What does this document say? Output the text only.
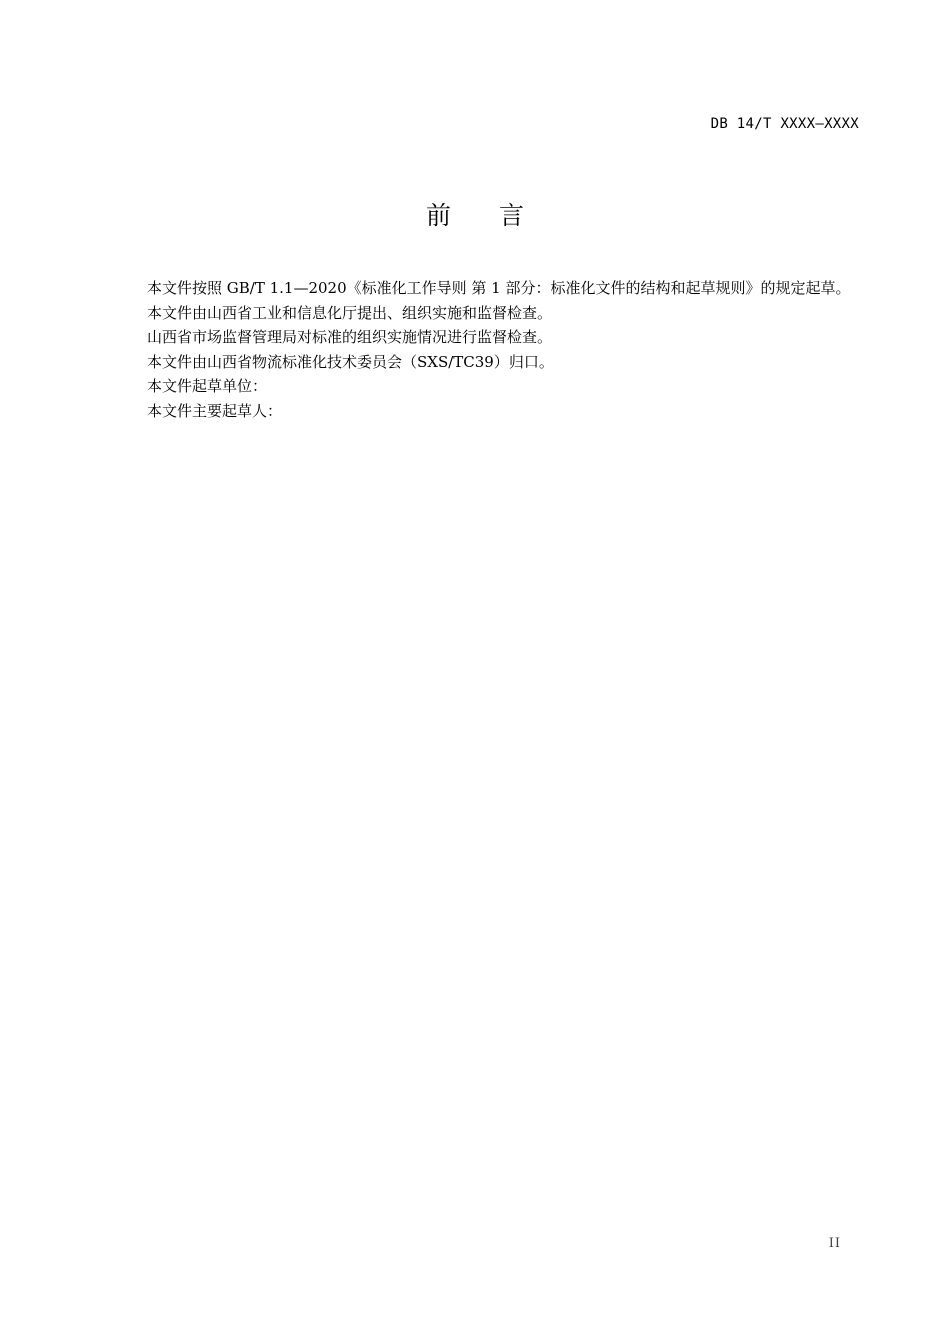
DB 14/T XXXX—XXXX
前言

本文件按照 GB/T 1.1—2020《标准化工作导则 第 1 部分：标准化文件的结构和起草规则》的规定起草。

本文件由山西省工业和信息化厅提出、组织实施和监督检查。

山西省市场监督管理局对标准的组织实施情况进行监督检查。

本文件由山西省物流标准化技术委员会（SXS/TC39）归口。

本文件起草单位：

本文件主要起草人：

II
